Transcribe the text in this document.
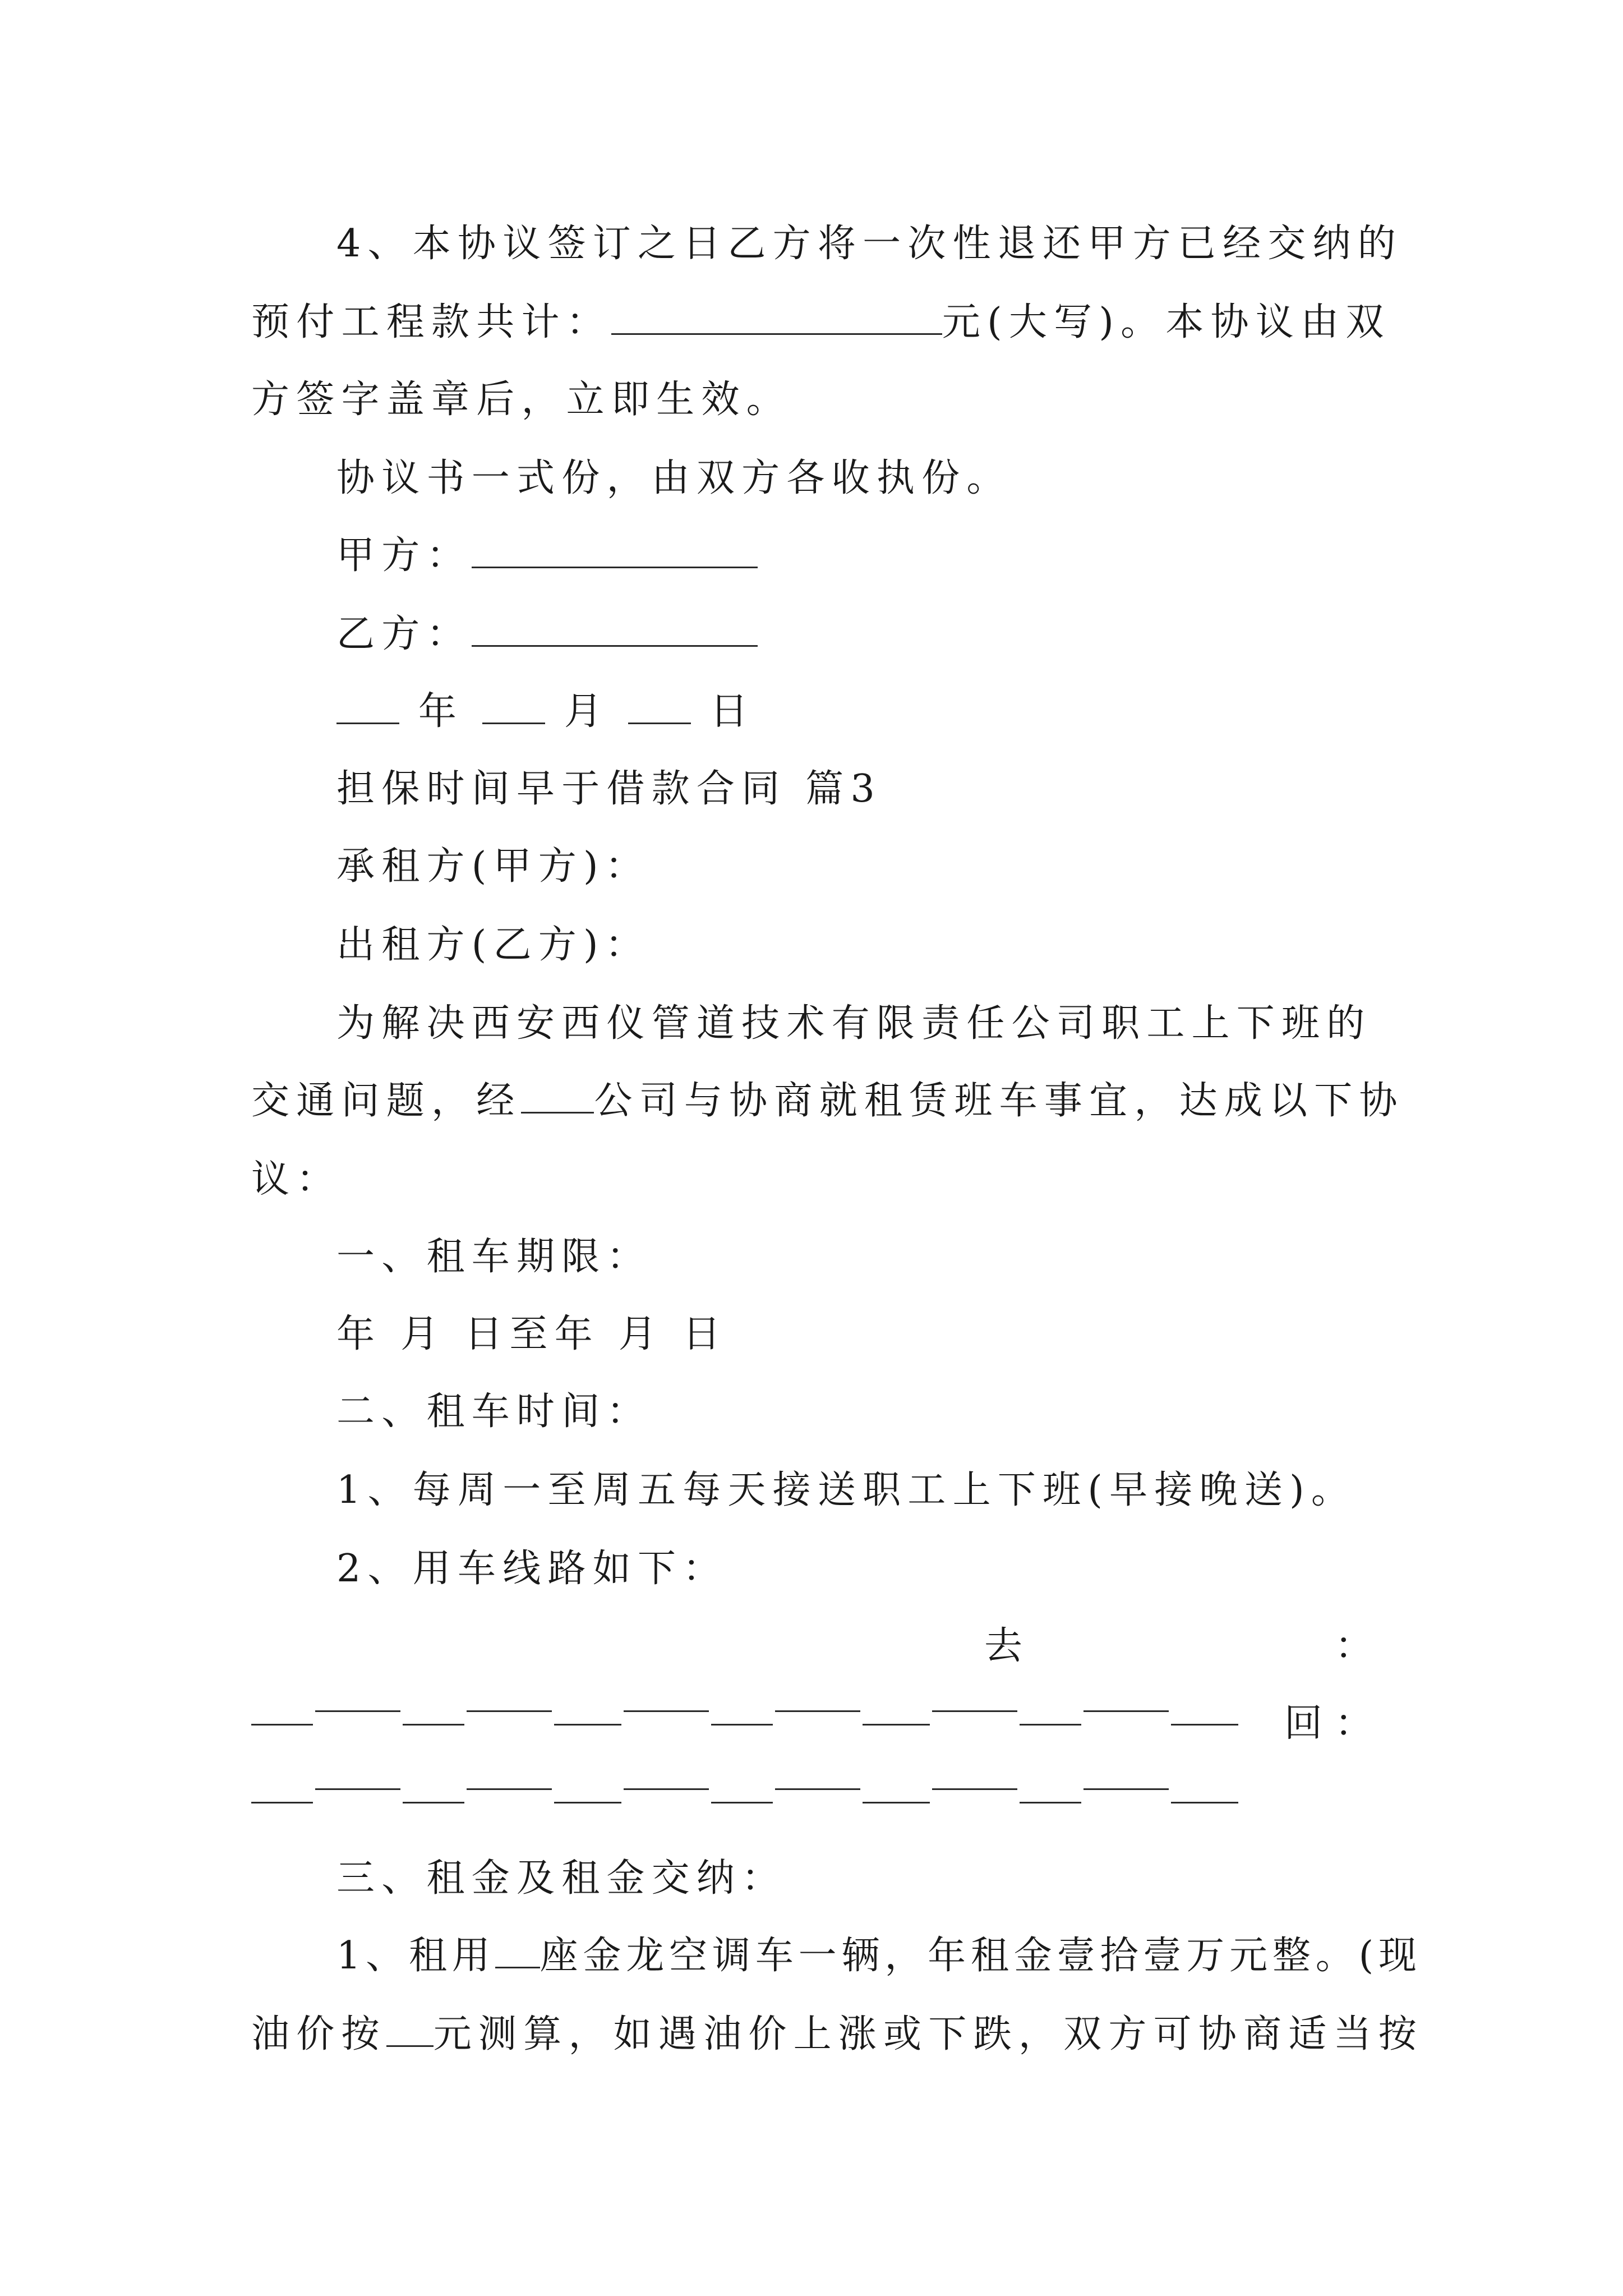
4、本协议签订之日乙方将一次性退还甲方已经交纳的
预付工程款共计：	元(大写)。本协议由双
方签字盖章后，立即生效。
协议书一式份，由双方各收执份。
甲方：
乙方：
年	月	日
担保时间早于借款合同 篇3
承租方(甲方)：
出租方(乙方)：
为解决西安西仪管道技术有限责任公司职工上下班的
交通问题，经 公司与协商就租赁班车事宜，达成以下协
议：
一、租车期限：
年 月 日至年 月 日
二、租车时间：
1、每周一至周五每天接送职工上下班(早接晚送)。
2、用车线路如下：
去	：
回 ：
三、租金及租金交纳：
1、租用 座金龙空调车一辆，年租金壹拾壹万元整。(现
油价按 元测算，如遇油价上涨或下跌，双方可协商适当按
